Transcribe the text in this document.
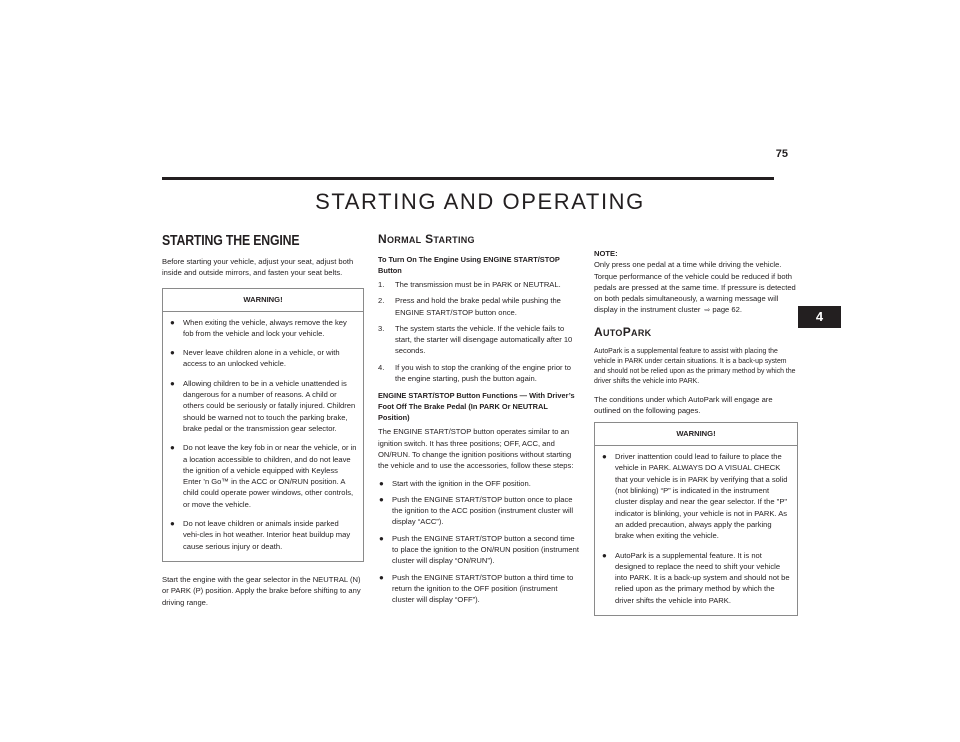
75
STARTING AND OPERATING
4
STARTING THE ENGINE

Before starting your vehicle, adjust your seat, adjust both inside and outside mirrors, and fasten your seat belts.

WARNING!
● When exiting the vehicle, always remove the key fob from the vehicle and lock your vehicle.
● Never leave children alone in a vehicle, or with access to an unlocked vehicle.
● Allowing children to be in a vehicle unattended is dangerous for a number of reasons. A child or others could be seriously or fatally injured. Children should be warned not to touch the parking brake, brake pedal or the transmission gear selector.
● Do not leave the key fob in or near the vehicle, or in a location accessible to children, and do not leave the ignition of a vehicle equipped with Keyless Enter ’n Go™ in the ACC or ON/RUN position. A child could operate power windows, other controls, or move the vehicle.
● Do not leave children or animals inside parked vehi-cles in hot weather. Interior heat buildup may cause serious injury or death.

Start the engine with the gear selector in the NEUTRAL (N) or PARK (P) position. Apply the brake before shifting to any driving range.

NORMAL STARTING
To Turn On The Engine Using ENGINE START/STOP Button
1. The transmission must be in PARK or NEUTRAL.
2. Press and hold the brake pedal while pushing the ENGINE START/STOP button once.
3. The system starts the vehicle. If the vehicle fails to start, the starter will disengage automatically after 10 seconds.
4. If you wish to stop the cranking of the engine prior to the engine starting, push the button again.
ENGINE START/STOP Button Functions — With Driver’s Foot Off The Brake Pedal (In PARK Or NEUTRAL Position)

The ENGINE START/STOP button operates similar to an ignition switch. It has three positions; OFF, ACC, and ON/RUN. To change the ignition positions without starting the vehicle and to use the accessories, follow these steps:

● Start with the ignition in the OFF position.
● Push the ENGINE START/STOP button once to place the ignition to the ACC position (instrument cluster will display “ACC”).
● Push the ENGINE START/STOP button a second time to place the ignition to the ON/RUN position (instrument cluster will display “ON/RUN”).
● Push the ENGINE START/STOP button a third time to return the ignition to the OFF position (instrument cluster will display “OFF”).
NOTE:
Only press one pedal at a time while driving the vehicle. Torque performance of the vehicle could be reduced if both pedals are pressed at the same time. If pressure is detected on both pedals simultaneously, a warning message will display in the instrument cluster ⇨ page 62.
AUTOPARK

AutoPark is a supplemental feature to assist with placing the vehicle in PARK under certain situations. It is a back-up system and should not be relied upon as the primary method by which the driver shifts the vehicle into PARK.

The conditions under which AutoPark will engage are outlined on the following pages.

WARNING!
● Driver inattention could lead to failure to place the vehicle in PARK. ALWAYS DO A VISUAL CHECK that your vehicle is in PARK by verifying that a solid (not blinking) “P” is indicated in the instrument cluster display and near the gear selector. If the "P" indicator is blinking, your vehicle is not in PARK. As an added precaution, always apply the parking brake when exiting the vehicle.
● AutoPark is a supplemental feature. It is not designed to replace the need to shift your vehicle into PARK. It is a back-up system and should not be relied upon as the primary method by which the driver shifts the vehicle into PARK.
